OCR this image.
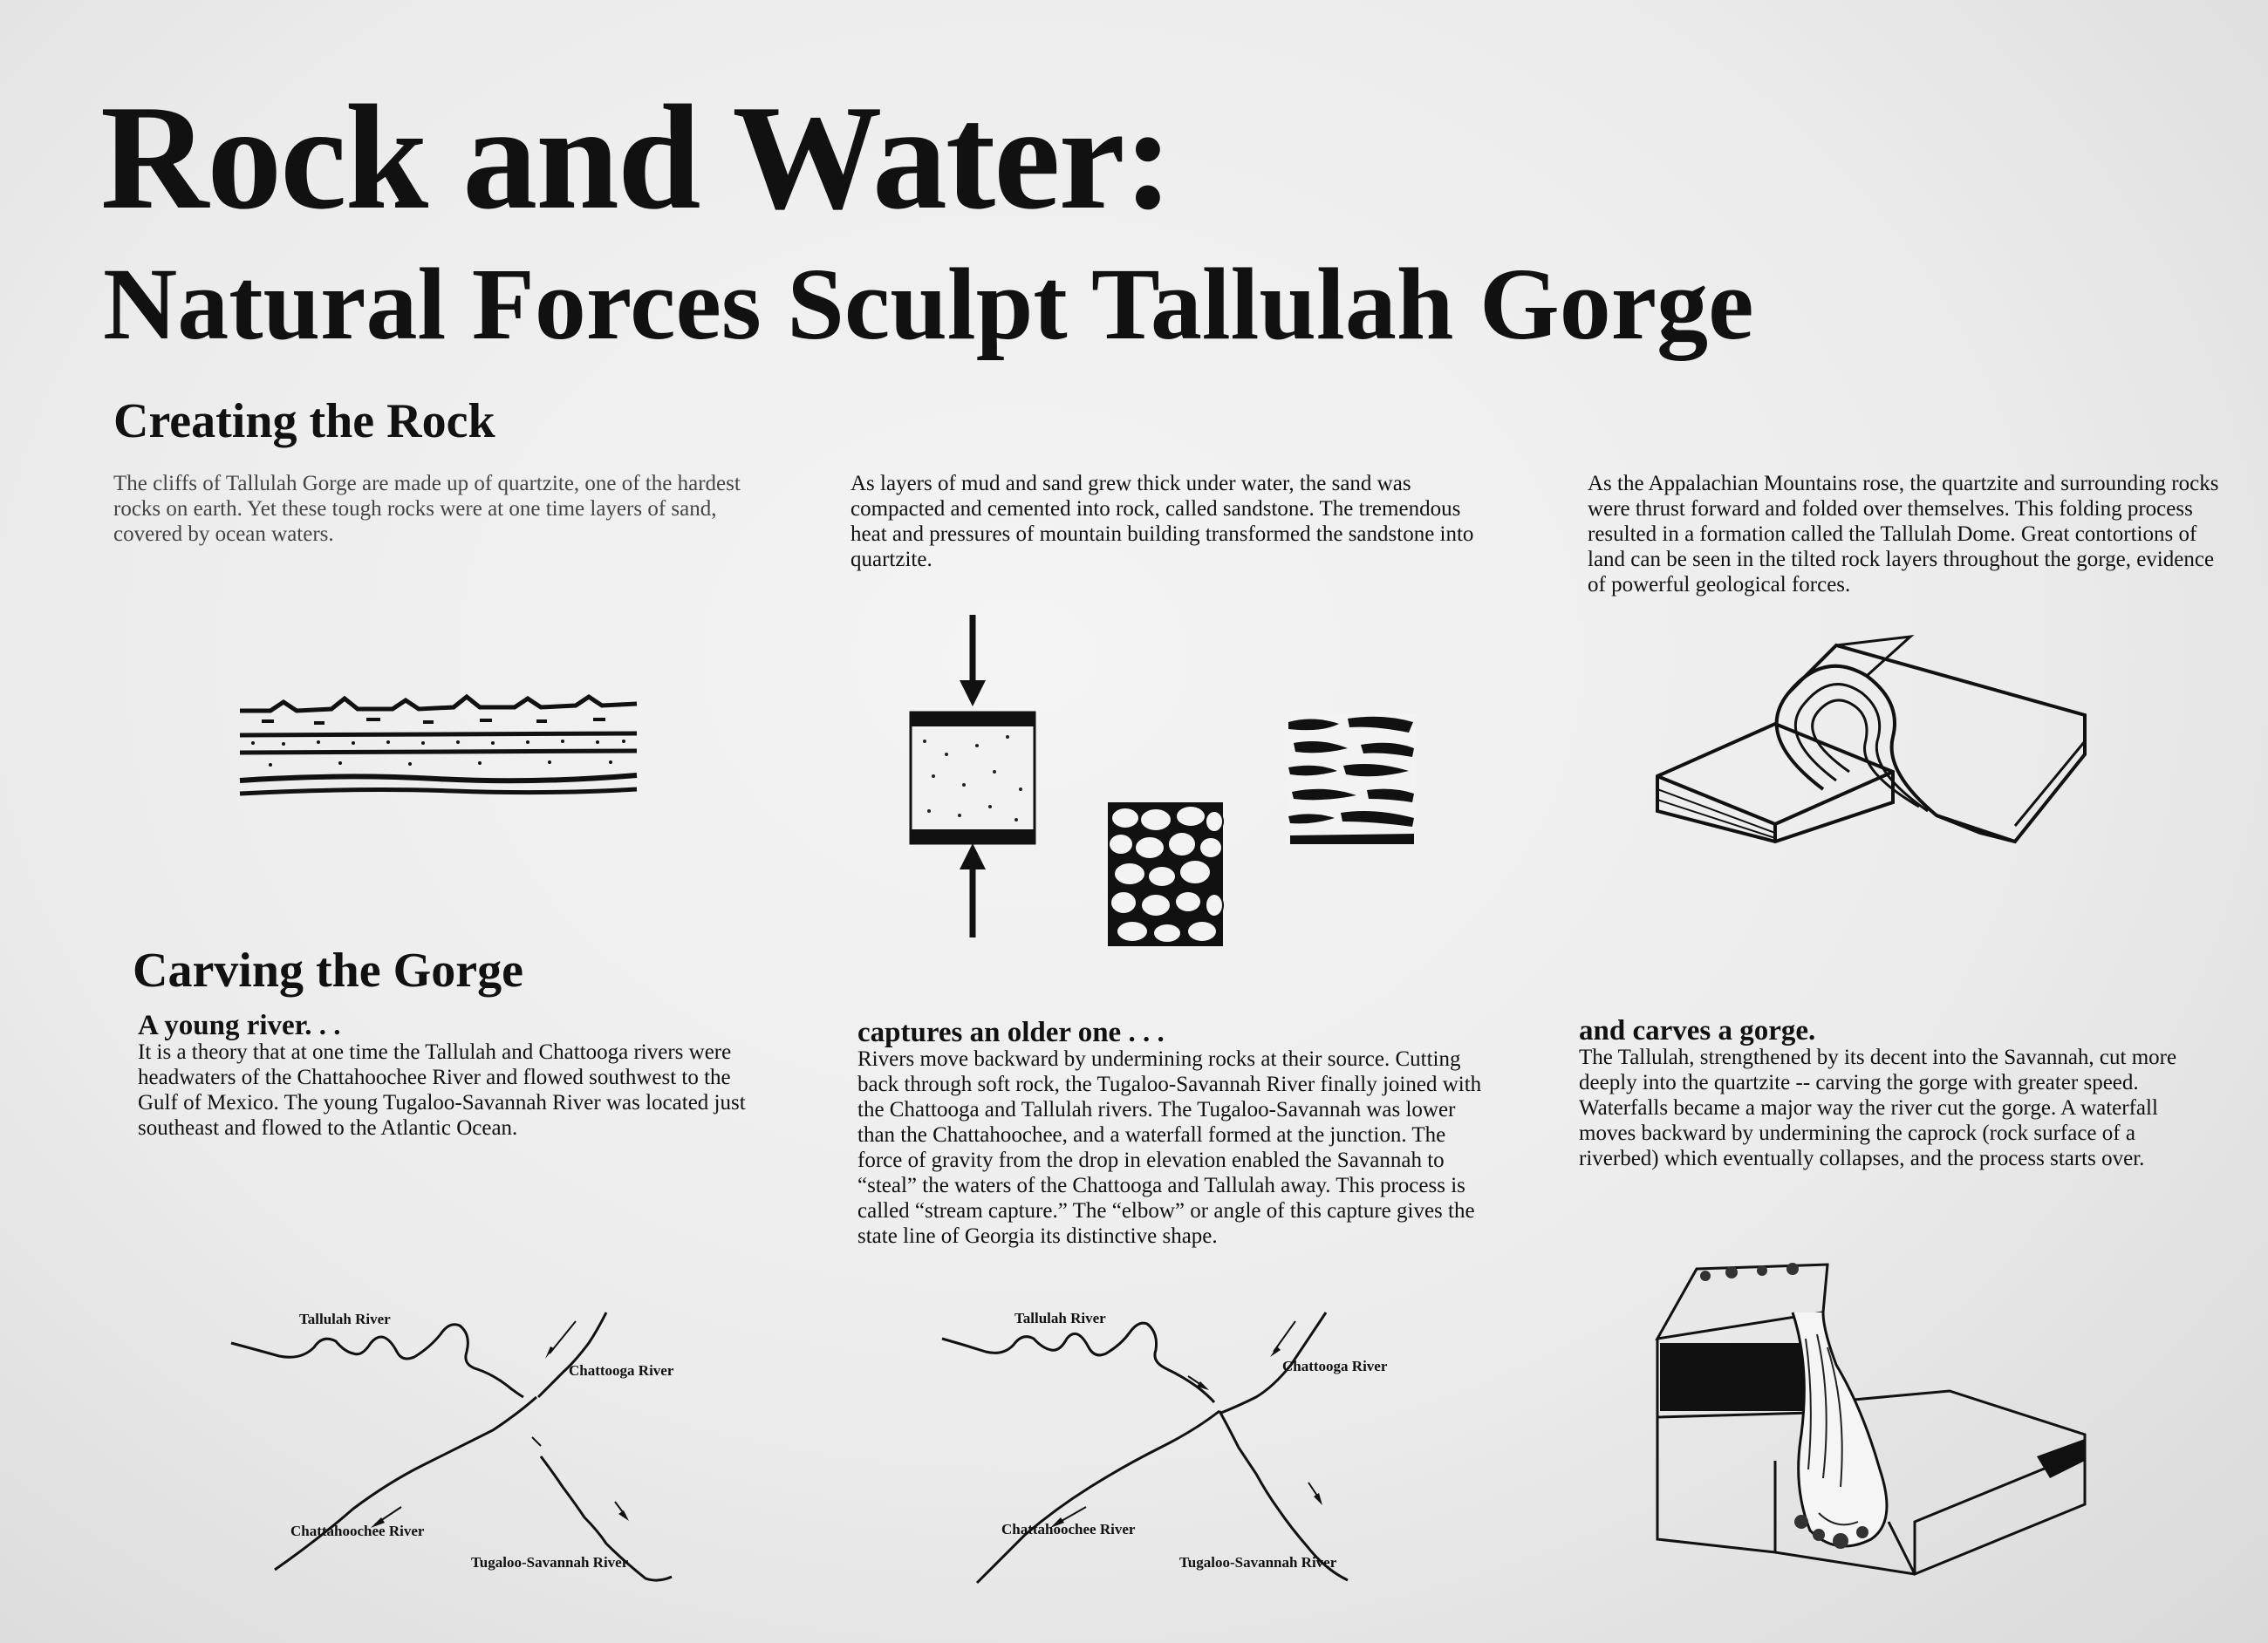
Rock and Water:
Natural Forces Sculpt Tallulah Gorge
Creating the Rock
The cliffs of Tallulah Gorge are made up of quartzite, one of the hardest rocks on earth. Yet these tough rocks were at one time layers of sand, covered by ocean waters.
As layers of mud and sand grew thick under water, the sand was compacted and cemented into rock, called sandstone. The tremendous heat and pressures of mountain building transformed the sandstone into quartzite.
As the Appalachian Mountains rose, the quartzite and surrounding rocks were thrust forward and folded over themselves. This folding process resulted in a formation called the Tallulah Dome. Great contortions of land can be seen in the tilted rock layers throughout the gorge, evidence of powerful geological forces.
Carving the Gorge
A young river. . .
It is a theory that at one time the Tallulah and Chattooga rivers were headwaters of the Chattahoochee River and flowed southwest to the Gulf of Mexico. The young Tugaloo-Savannah River was located just southeast and flowed to the Atlantic Ocean.
captures an older one . . .
Rivers move backward by undermining rocks at their source. Cutting back through soft rock, the Tugaloo-Savannah River finally joined with the Chattooga and Tallulah rivers. The Tugaloo-Savannah was lower than the Chattahoochee, and a waterfall formed at the junction. The force of gravity from the drop in elevation enabled the Savannah to “steal” the waters of the Chattooga and Tallulah away. This process is called “stream capture.” The “elbow” or angle of this capture gives the state line of Georgia its distinctive shape.
and carves a gorge.
The Tallulah, strengthened by its decent into the Savannah, cut more deeply into the quartzite -- carving the gorge with greater speed. Waterfalls became a major way the river cut the gorge. A waterfall moves backward by undermining the caprock (rock surface of a riverbed) which eventually collapses, and the process starts over.
Tallulah River
Chattooga River
Chattahoochee River
Tugaloo-Savannah River
Tallulah River
Chattooga River
Chattahoochee River
Tugaloo-Savannah River
